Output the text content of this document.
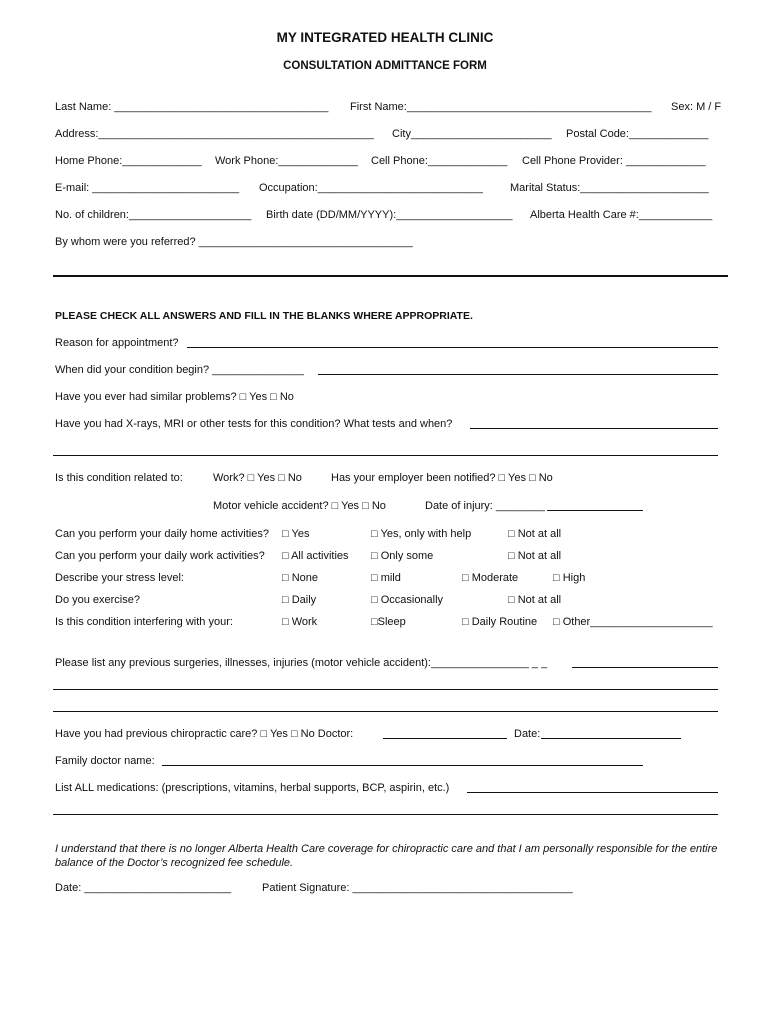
MY INTEGRATED HEALTH CLINIC
CONSULTATION ADMITTANCE FORM
Last Name: ___________________________________ First Name:________________________________________ Sex: M / F
Address:_____________________________________________ City_______________________ Postal Code:_____________
Home Phone:_____________ Work Phone:_____________ Cell Phone:_____________ Cell Phone Provider: _____________
E-mail: ________________________ Occupation:___________________________ Marital Status:_____________________
No. of children:____________________ Birth date (DD/MM/YYYY):___________________ Alberta Health Care #:____________
By whom were you referred? ___________________________________
PLEASE CHECK ALL ANSWERS AND FILL IN THE BLANKS WHERE APPROPRIATE.
Reason for appointment?
When did your condition begin? _______________
Have you ever had similar problems? □ Yes □ No
Have you had X-rays, MRI or other tests for this condition? What tests and when?
Is this condition related to:	Work? □ Yes □ No	Has your employer been notified? □ Yes □ No
Motor vehicle accident? □ Yes □ No	Date of injury: ________
Can you perform your daily home activities? □ Yes	□ Yes, only with help	□ Not at all
Can you perform your daily work activities? □ All activities □ Only some	□ Not at all
Describe your stress level:	□ None	□ mild	□ Moderate	□ High
Do you exercise?	□ Daily	□ Occasionally	□ Not at all
Is this condition interfering with your:	□ Work	□Sleep	□ Daily Routine □ Other____________________
Please list any previous surgeries, illnesses, injuries (motor vehicle accident):________________ _ _
Have you had previous chiropractic care? □ Yes □ No Doctor:	Date:
Family doctor name:
List ALL medications: (prescriptions, vitamins, herbal supports, BCP, aspirin, etc.)
I understand that there is no longer Alberta Health Care coverage for chiropractic care and that I am personally responsible for the entire balance of the Doctor’s recognized fee schedule.
Date: ________________________	Patient Signature: ____________________________________
